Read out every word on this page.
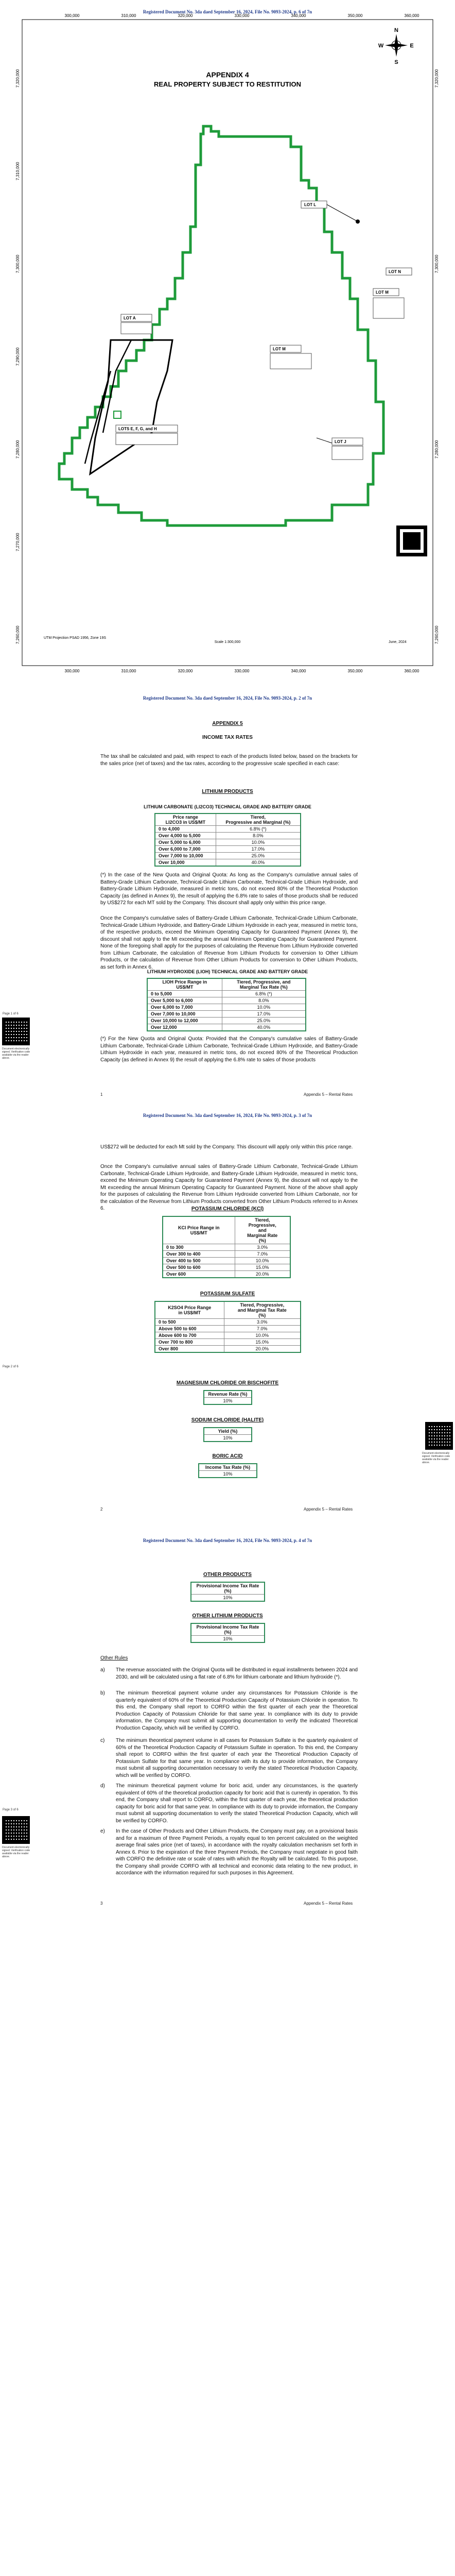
Registered Document No. 3da daed September 16, 2024, File No. 9093-2024, p. 6 of 7n
300,000	310,000	320,000	330,000	340,000	350,000	360,000
300,000	310,000	320,000	330,000	340,000	350,000	360,000
7,320,000
7,310,000
7,300,000
7,290,000
7,280,000
7,270,000
7,260,000
7,320,000
7,300,000
7,280,000
7,260,000
APPENDIX 4
REAL PROPERTY SUBJECT TO RESTITUTION
N
S
E
W
LOT L
LOT N
LOT M
LOT A
LOT M
LOTS E, F, G, and H
LOT J
UTM Projection PSAD 1956, Zone 19S
Scale 1:300,000	June, 2024
Registered Document No. 3da daed September 16, 2024, File No. 9093-2024, p. 2 of 7n
APPENDIX 5
INCOME TAX RATES
The tax shall be calculated and paid, with respect to each of the products listed below, based on the brackets for the sales price (net of taxes) and the tax rates, according to the progressive scale specified in each case:
LITHIUM PRODUCTS
LITHIUM CARBONATE (LI2CO3) TECHNICAL GRADE AND BATTERY GRADE
Price range
LI2CO3 in US$/MT	Tiered,
Progressive and Marginal (%)
0 to 4,000	6.8% (*)
Over 4,000 to 5,000	8.0%
Over 5,000 to 6,000	10.0%
Over 6,000 to 7,000	17.0%
Over 7,000 to 10,000	25.0%
Over 10,000	40.0%
(*) In the case of the New Quota and Original Quota: As long as the Company's cumulative annual sales of Battery-Grade Lithium Carbonate, Technical-Grade Lithium Carbonate, Technical-Grade Lithium Hydroxide, and Battery-Grade Lithium Hydroxide, measured in metric tons, do not exceed 80% of the Theoretical Production Capacity (as defined in Annex 9), the result of applying the 6.8% rate to sales of those products shall be reduced by US$272 for each MT sold by the Company. This discount shall apply only within this price range.
Once the Company's cumulative sales of Battery-Grade Lithium Carbonate, Technical-Grade Lithium Carbonate, Technical-Grade Lithium Hydroxide, and Battery-Grade Lithium Hydroxide in each year, measured in metric tons, of the respective products, exceed the Minimum Operating Capacity for Guaranteed Payment (Annex 9), the discount shall not apply to the MI exceeding the annual Minimum Operating Capacity for Guaranteed Payment. None of the foregoing shall apply for the purposes of calculating the Revenue from Lithium Hydroxide converted from Lithium Carbonate, the calculation of Revenue from Lithium Products for conversion to Other Lithium Products, or the calculation of Revenue from Other Lithium Products for conversion to Other Lithium Products, as set forth in Annex 6.
LITHIUM HYDROXIDE (LIOH) TECHNICAL GRADE AND BATTERY GRADE
LIOH Price Range in
US$/MT	Tiered, Progressive, and
Marginal Tax Rate (%)
0 to 5,000	6.8% (*)
Over 5,000 to 6,000	8.0%
Over 6,000 to 7,000	10.0%
Over 7,000 to 10,000	17.0%
Over 10,000 to 12,000	25.0%
Over 12,000	40.0%
(*) For the New Quota and Original Quota: Provided that the Company's cumulative sales of Battery-Grade Lithium Carbonate, Technical-Grade Lithium Carbonate, Technical-Grade Lithium Hydroxide, and Battery-Grade Lithium Hydroxide in each year, measured in metric tons, do not exceed 80% of the Theoretical Production Capacity (as defined in Annex 9) the result of applying the 6.8% rate to sales of those products
Page 1 of 6
Document electronically signed. Verification code available via the reader above.
1	Appendix 5 – Rental Rates
Registered Document No. 3da daed September 16, 2024, File No. 9093-2024, p. 3 of 7n
US$272 will be deducted for each Mt sold by the Company. This discount will apply only within this price range.
Once the Company's cumulative annual sales of Battery-Grade Lithium Carbonate, Technical-Grade Lithium Carbonate, Technical-Grade Lithium Hydroxide, and Battery-Grade Lithium Hydroxide, measured in metric tons, exceed the Minimum Operating Capacity for Guaranteed Payment (Annex 9), the discount will not apply to the Mt exceeding the annual Minimum Operating Capacity for Guaranteed Payment. None of the above shall apply for the purposes of calculating the Revenue from Lithium Hydroxide converted from Lithium Carbonate, nor for the calculation of the Revenue from Lithium Products converted from Other Lithium Products referred to in Annex 6.	POTASSIUM CHLORIDE (KCl)
KCl Price Range in
US$/MT	Tiered,
Progressive,
and
Marginal Rate
(%)
0 to 300	3.0%
Over 300 to 400	7.0%
Over 400 to 500	10.0%
Over 500 to 600	15.0%
Over 600	20.0%
POTASSIUM SULFATE
K2SO4 Price Range
in US$/MT	Tiered, Progressive,
and Marginal Tax Rate
(%)
0 to 500	3.0%
Above 500 to 600	7.0%
Above 600 to 700	10.0%
Over 700 to 800	15.0%
Over 800	20.0%
MAGNESIUM CHLORIDE OR BISCHOFITE
Revenue Rate (%)
10%
SODIUM CHLORIDE (HALITE)
Yield (%)
10%
BORIC ACID
Income Tax Rate (%)
10%
Page 2 of 6
Document electronically signed. Verification code available via the reader above.
2	Appendix 5 – Rental Rates
Registered Document No. 3da daed September 16, 2024, File No. 9093-2024, p. 4 of 7n
OTHER PRODUCTS
Provisional Income Tax Rate
(%)
10%
OTHER LITHIUM PRODUCTS
Provisional Income Tax Rate
(%)
10%
Other Rules
a) The revenue associated with the Original Quota will be distributed in equal installments between 2024 and 2030, and will be calculated using a flat rate of 6.8% for lithium carbonate and lithium hydroxide (*).
b) The minimum theoretical payment volume under any circumstances for Potassium Chloride is the quarterly equivalent of 60% of the Theoretical Production Capacity of Potassium Chloride in operation. To this end, the Company shall report to CORFO within the first quarter of each year the Theoretical Production Capacity of Potassium Chloride for that same year. In compliance with its duty to provide information, the Company must submit all supporting documentation to verify the indicated Theoretical Production Capacity, which will be verified by CORFO.
c) The minimum theoretical payment volume in all cases for Potassium Sulfate is the quarterly equivalent of 60% of the Theoretical Production Capacity of Potassium Sulfate in operation. To this end, the Company shall report to CORFO within the first quarter of each year the Theoretical Production Capacity of Potassium Sulfate for that same year. In compliance with its duty to provide information, the Company must submit all supporting documentation necessary to verify the stated Theoretical Production Capacity, which will be verified by CORFO.
d) The minimum theoretical payment volume for boric acid, under any circumstances, is the quarterly equivalent of 60% of the theoretical production capacity for boric acid that is currently in operation. To this end, the Company shall report to CORFO, within the first quarter of each year, the theoretical production capacity for boric acid for that same year. In compliance with its duty to provide information, the Company must submit all supporting documentation to verify the stated Theoretical Production Capacity, which will be verified by CORFO.
e) In the case of Other Products and Other Lithium Products, the Company must pay, on a provisional basis and for a maximum of three Payment Periods, a royalty equal to ten percent calculated on the weighted average final sales price (net of taxes), in accordance with the royalty calculation mechanism set forth in Annex 6. Prior to the expiration of the three Payment Periods, the Company must negotiate in good faith with CORFO the definitive rate or scale of rates with which the Royalty will be calculated. To this purpose, the Company shall provide CORFO with all technical and economic data relating to the new product, in accordance with the information required for such purposes in this Agreement.
Page 3 of 6
Document electronically signed. Verification code available via the reader above.
3	Appendix 5 – Rental Rates
